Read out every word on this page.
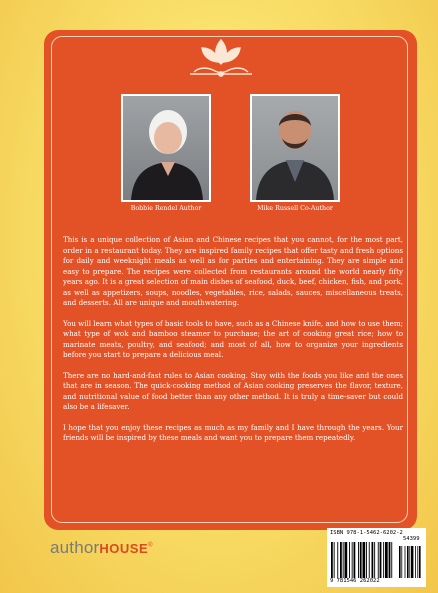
Bobbie Rendel Author	Mike Russell Co-Author

This is a unique collection of Asian and Chinese recipes that you cannot, for the most part, order in a restaurant today. They are inspired family recipes that offer tasty and fresh options for daily and weeknight meals as well as for parties and entertaining. They are simple and easy to prepare. The recipes were collected from restaurants around the world nearly fifty years ago. It is a great selection of main dishes of seafood, duck, beef, chicken, fish, and pork, as well as appetizers, soups, noodles, vegetables, rice, salads, sauces, miscellaneous treats, and desserts. All are unique and mouthwatering.

You will learn what types of basic tools to have, such as a Chinese knife, and how to use them; what type of wok and bamboo steamer to purchase; the art of cooking great rice; how to marinate meats, poultry, and seafood; and most of all, how to organize your ingredients before you start to prepare a delicious meal.

There are no hard-and-fast rules to Asian cooking. Stay with the foods you like and the ones that are in season. The quick-cooking method of Asian cooking preserves the flavor, texture, and nutritional value of food better than any other method. It is truly a time-saver but could also be a lifesaver.

I hope that you enjoy these recipes as much as my family and I have through the years. Your friends will be inspired by these meals and want you to prepare them repeatedly.

authorHOUSE®
ISBN 978-1-5462-6202-2
54399
9 781546 262022
